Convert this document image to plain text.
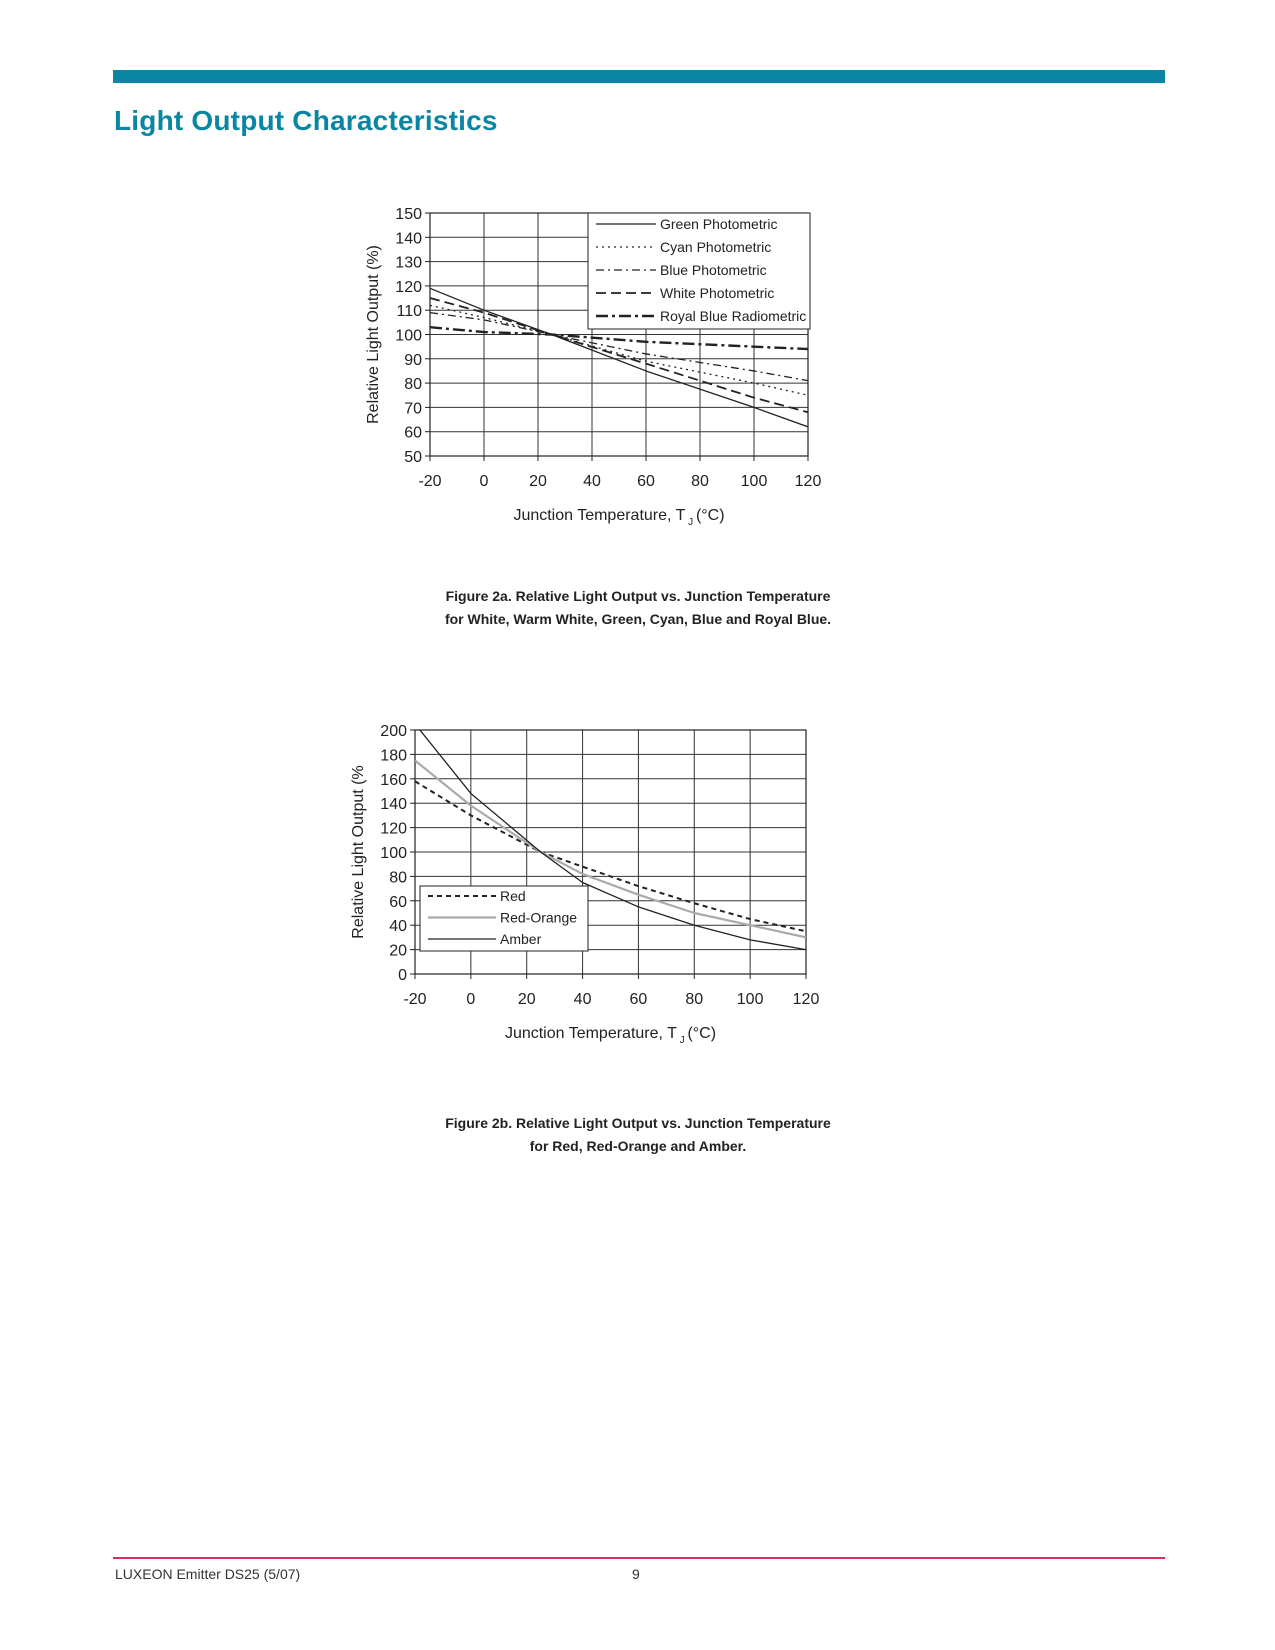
Light Output Characteristics
50
60
70
80
90
100
110
120
130
140
150
-20 0	20 40 60 80 100 120
Junction Temperature, T $_J$ (°C)
Relative Light Output (%)
Green Photometric
Cyan Photometric
Blue Photometric
White Photometric
Royal Blue Radiometric
Figure 2a. Relative Light Output vs. Junction Temperature
for White, Warm White, Green, Cyan, Blue and Royal Blue.
0
20
40
60
80
100
120
140
160
180
200
-20 0	20 40 60 80 100 120
Junction Temperature, T $_J$ (°C)
Relative Light Output (%	Red
Red-Orange
Amber
Figure 2b. Relative Light Output vs. Junction Temperature
for Red, Red-Orange and Amber.
LUXEON Emitter DS25 (5/07)	9
